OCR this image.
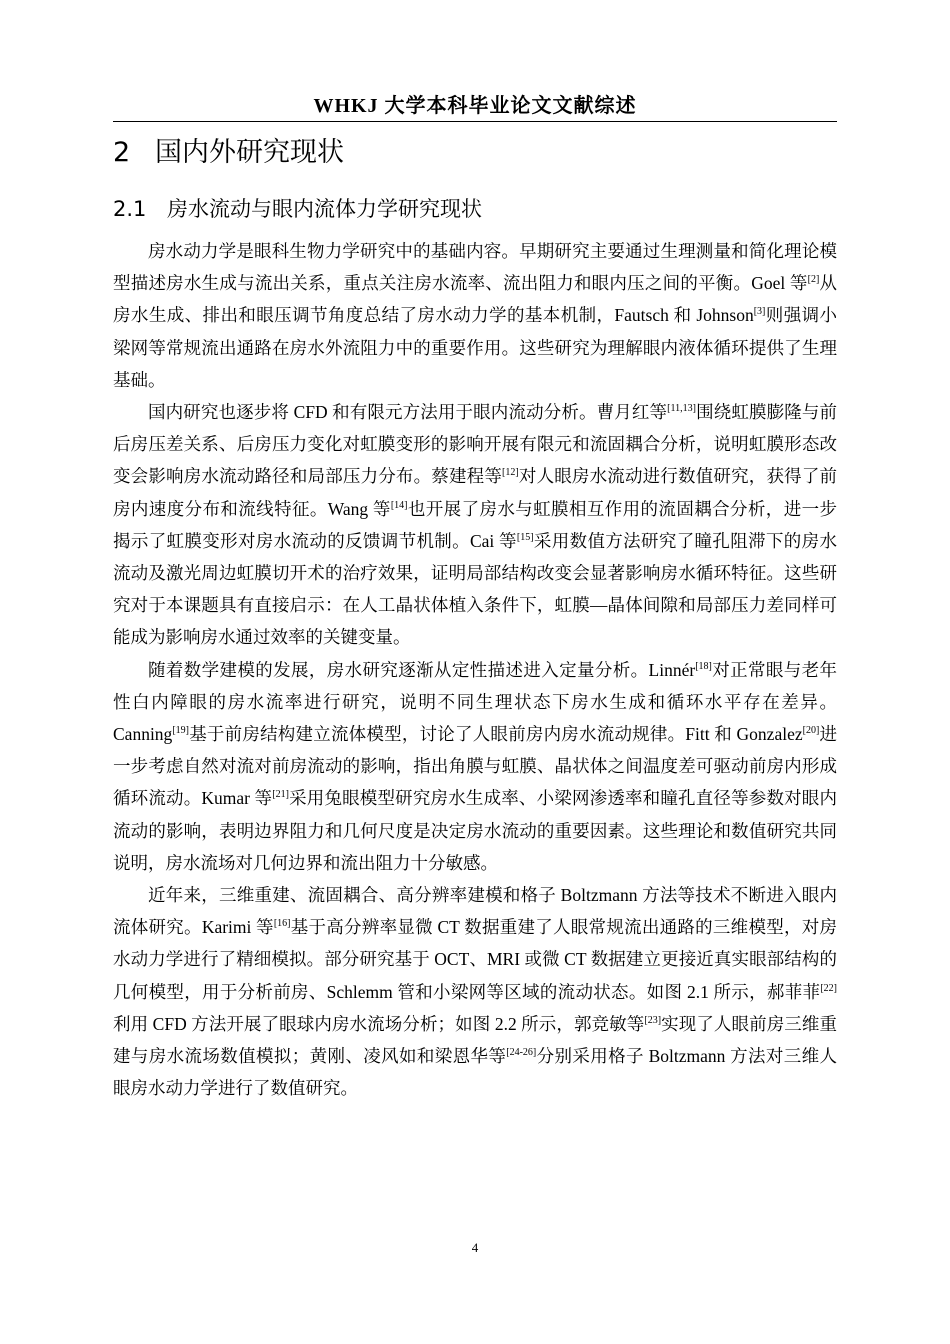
WHKJ 大学本科毕业论文文献综述
2 国内外研究现状
2.1 房水流动与眼内流体力学研究现状

房水动力学是眼科生物力学研究中的基础内容。早期研究主要通过生理测量和简化理论模型描述房水生成与流出关系，重点关注房水流率、流出阻力和眼内压之间的平衡。Goel 等[2]从房水生成、排出和眼压调节角度总结了房水动力学的基本机制，Fautsch 和 Johnson[3]则强调小梁网等常规流出通路在房水外流阻力中的重要作用。这些研究为理解眼内液体循环提供了生理基础。

国内研究也逐步将 CFD 和有限元方法用于眼内流动分析。曹月红等[11,13]围绕虹膜膨隆与前后房压差关系、后房压力变化对虹膜变形的影响开展有限元和流固耦合分析，说明虹膜形态改变会影响房水流动路径和局部压力分布。蔡建程等[12]对人眼房水流动进行数值研究，获得了前房内速度分布和流线特征。Wang 等[14]也开展了房水与虹膜相互作用的流固耦合分析，进一步揭示了虹膜变形对房水流动的反馈调节机制。Cai 等[15]采用数值方法研究了瞳孔阻滞下的房水流动及激光周边虹膜切开术的治疗效果，证明局部结构改变会显著影响房水循环特征。这些研究对于本课题具有直接启示：在人工晶状体植入条件下，虹膜—晶体间隙和局部压力差同样可能成为影响房水通过效率的关键变量。

随着数学建模的发展，房水研究逐渐从定性描述进入定量分析。Linnér[18]对正常眼与老年性白内障眼的房水流率进行研究，说明不同生理状态下房水生成和循环水平存在差异。Canning[19]基于前房结构建立流体模型，讨论了人眼前房内房水流动规律。Fitt 和 Gonzalez[20]进一步考虑自然对流对前房流动的影响，指出角膜与虹膜、晶状体之间温度差可驱动前房内形成循环流动。Kumar 等[21]采用兔眼模型研究房水生成率、小梁网渗透率和瞳孔直径等参数对眼内流动的影响，表明边界阻力和几何尺度是决定房水流动的重要因素。这些理论和数值研究共同说明，房水流场对几何边界和流出阻力十分敏感。

近年来，三维重建、流固耦合、高分辨率建模和格子 Boltzmann 方法等技术不断进入眼内流体研究。Karimi 等[16]基于高分辨率显微 CT 数据重建了人眼常规流出通路的三维模型，对房水动力学进行了精细模拟。部分研究基于 OCT、MRI 或微 CT 数据建立更接近真实眼部结构的几何模型，用于分析前房、Schlemm 管和小梁网等区域的流动状态。如图 2.1 所示，郝菲菲[22]利用 CFD 方法开展了眼球内房水流场分析；如图 2.2 所示，郭竞敏等[23]实现了人眼前房三维重建与房水流场数值模拟；黄刚、凌风如和梁恩华等[24-26]分别采用格子 Boltzmann 方法对三维人眼房水动力学进行了数值研究。

4
